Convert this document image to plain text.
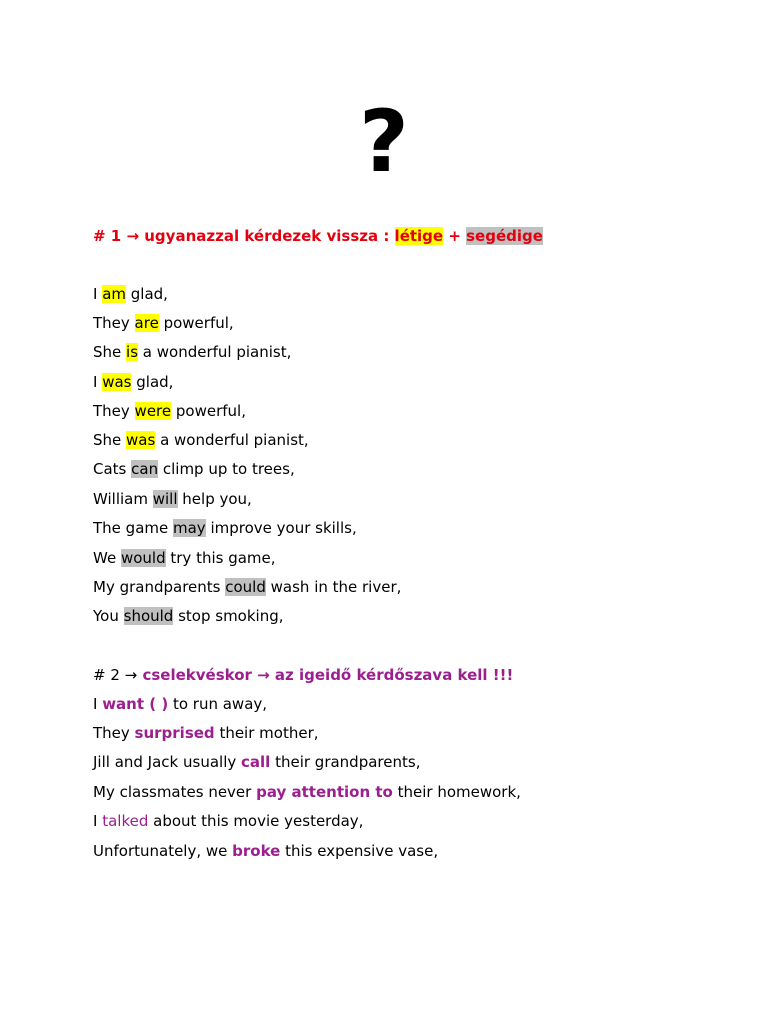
?
# 1 → ugyanazzal kérdezek vissza : létige + segédige
I am glad,
They are powerful,
She is a wonderful pianist,
I was glad,
They were powerful,
She was a wonderful pianist,
Cats can climp up to trees,
William will help you,
The game may improve your skills,
We would try this game,
My grandparents could wash in the river,
You should stop smoking,
# 2 → cselekvéskor → az igeidő kérdőszava kell !!!
I want ( ) to run away,
They surprised their mother,
Jill and Jack usually call their grandparents,
My classmates never pay attention to their homework,
I talked about this movie yesterday,
Unfortunately, we broke this expensive vase,
